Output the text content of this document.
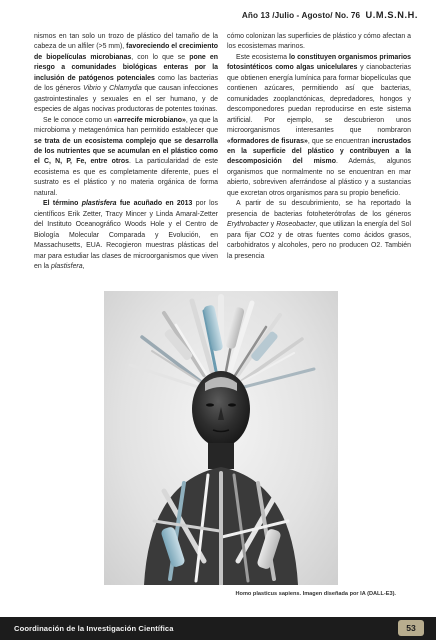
Año 13 /Julio - Agosto/ No. 76 U.M.S.N.H.

nismos en tan solo un trozo de plástico del tamaño de la cabeza de un alfiler (>5 mm), favoreciendo el crecimiento de biopelículas microbianas, con lo que se pone en riesgo a comunidades biológicas enteras por la inclusión de patógenos potenciales como las bacterias de los géneros Vibrio y Chlamydia que causan infecciones gastrointestinales y sexuales en el ser humano, y de especies de algas nocivas productoras de potentes toxinas.

Se le conoce como un «arrecife microbiano», ya que la microbioma y metagenómica han permitido establecer que se trata de un ecosistema complejo que se desarrolla de los nutrientes que se acumulan en el plástico como el C, N, P, Fe, entre otros. La particularidad de este ecosistema es que es completamente diferente, pues el sustrato es el plástico y no materia orgánica de forma natural.

El término plastisfera fue acuñado en 2013 por los científicos Erik Zetter, Tracy Mincer y Linda Amaral-Zetter del Instituto Oceanográfico Woods Hole y el Centro de Biología Molecular Comparada y Evolución, en Massachusetts, EUA. Recogieron muestras plásticas del mar para estudiar las clases de microorganismos que viven en la plastisfera,

cómo colonizan las superficies de plástico y cómo afectan a los ecosistemas marinos.

Este ecosistema lo constituyen organismos primarios fotosintéticos como algas unicelulares y cianobacterias que obtienen energía lumínica para formar biopelículas que contienen azúcares, permitiendo así que bacterias, comunidades zooplanctónicas, depredadores, hongos y descomponedores puedan reproducirse en este sistema artificial. Por ejemplo, se descubrieron unos microorganismos interesantes que nombraron «formadores de fisuras», que se encuentran incrustados en la superficie del plástico y contribuyen a la descomposición del mismo. Además, algunos organismos que normalmente no se encuentran en mar abierto, sobreviven aferrándose al plástico y a sustancias que excretan otros organismos para su propio beneficio.

A partir de su descubrimiento, se ha reportado la presencia de bacterias fotoheterótrofas de los géneros Erythrobacter y Roseobacter, que utilizan la energía del Sol para fijar CO2 y de otras fuentes como ácidos grasos, carbohidratos y alcoholes, pero no producen O2. También la presencia

Homo plasticus sapiens. Imagen diseñada por IA (DALL-E3).
Coordinación de la Investigación Científica	53
